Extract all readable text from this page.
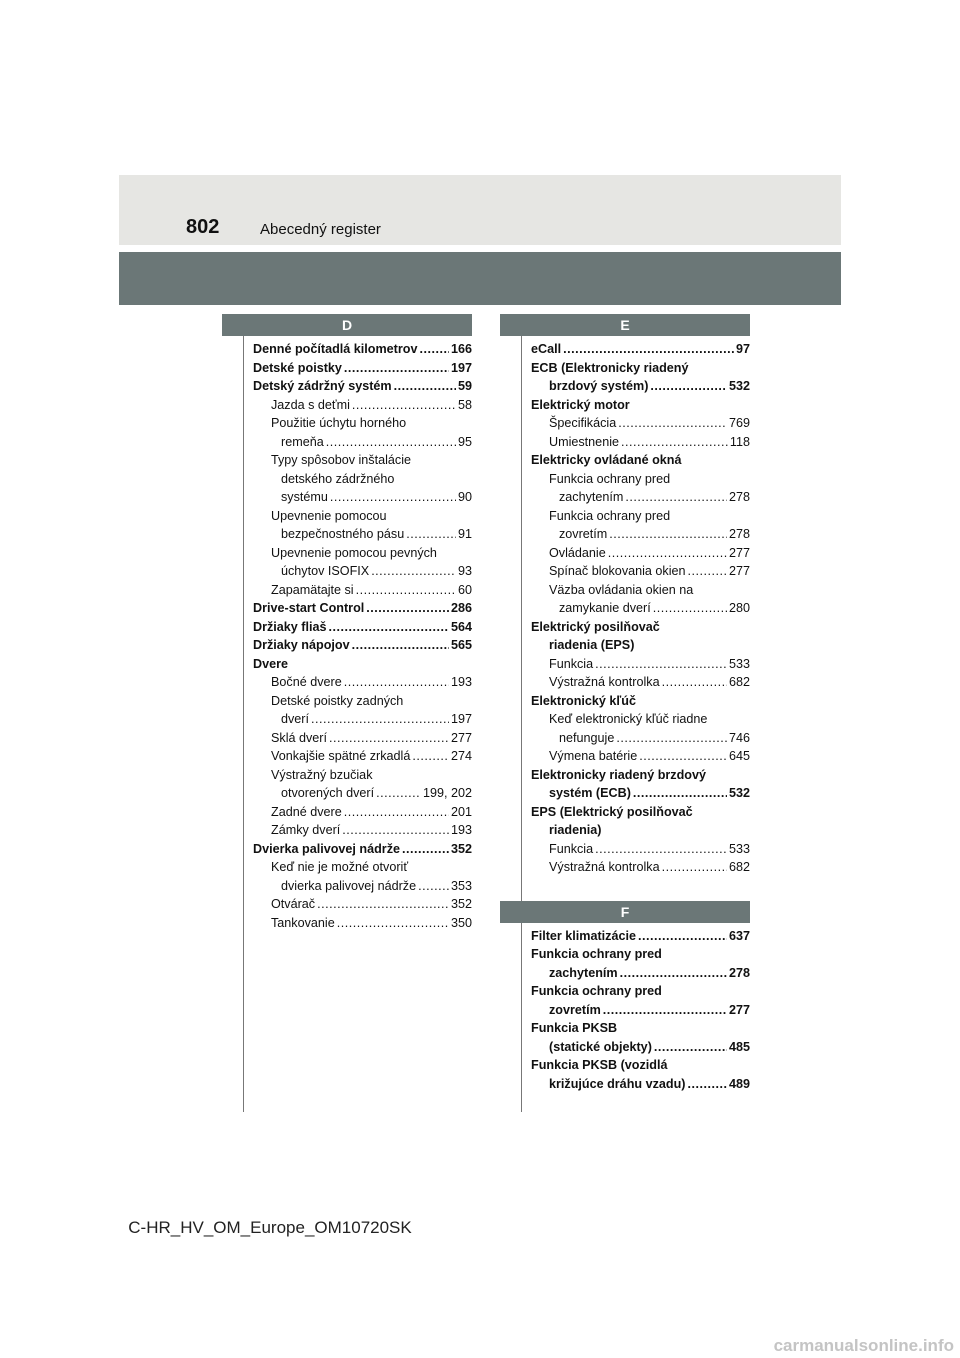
802	Abecedný register
D
Denné počítadlá kilometrov .....	166
Detské poistky .....	197
Detský zádržný systém .....	59
Jazda s deťmi .....	58
Použitie úchytu horného
remeňa .....	95
Typy spôsobov inštalácie
detského zádržného
systému .....	90
Upevnenie pomocou
bezpečnostného pásu .....	91
Upevnenie pomocou pevných
úchytov ISOFIX .....	93
Zapamätajte si .....	60
Drive-start Control .....	286
Držiaky fliaš .....	564
Držiaky nápojov .....	565
Dvere
Bočné dvere .....	193
Detské poistky zadných
dverí .....	197
Sklá dverí .....	277
Vonkajšie spätné zrkadlá .....	274
Výstražný bzučiak
otvorených dverí .....	199, 202
Zadné dvere .....	201
Zámky dverí .....	193
Dvierka palivovej nádrže .....	352
Keď nie je možné otvoriť
dvierka palivovej nádrže .....	353
Otvárač .....	352
Tankovanie .....	350
E
eCall .....	97
ECB (Elektronicky riadený
brzdový systém) .....	532
Elektrický motor
Špecifikácia .....	769
Umiestnenie .....	118
Elektricky ovládané okná
Funkcia ochrany pred
zachytením .....	278
Funkcia ochrany pred
zovretím .....	278
Ovládanie .....	277
Spínač blokovania okien .....	277
Väzba ovládania okien na
zamykanie dverí .....	280
Elektrický posilňovač
riadenia (EPS)
Funkcia .....	533
Výstražná kontrolka .....	682
Elektronický kľúč
Keď elektronický kľúč riadne
nefunguje .....	746
Výmena batérie .....	645
Elektronicky riadený brzdový
systém (ECB) .....	532
EPS (Elektrický posilňovač
riadenia)
Funkcia .....	533
Výstražná kontrolka .....	682
F
Filter klimatizácie .....	637
Funkcia ochrany pred
zachytením .....	278
Funkcia ochrany pred
zovretím .....	277
Funkcia PKSB
(statické objekty) .....	485
Funkcia PKSB (vozidlá
križujúce dráhu vzadu) .....	489
C-HR_HV_OM_Europe_OM10720SK
carmanualsonline.info
